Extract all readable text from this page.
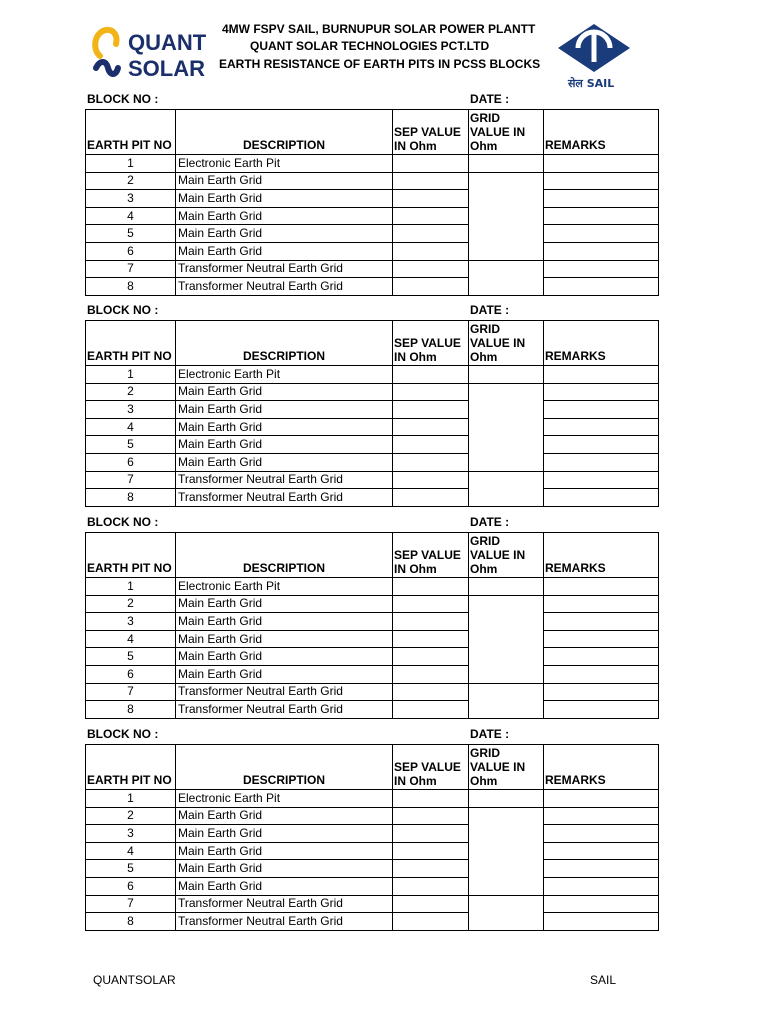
QUANT
SOLAR
4MW FSPV SAIL, BURNUPUR SOLAR POWER PLANTT
QUANT SOLAR TECHNOLOGIES PCT.LTD
EARTH RESISTANCE OF EARTH PITS IN PCSS BLOCKS
सेल SAIL
BLOCK NO :	DATE :
EARTH PIT NO	DESCRIPTION	SEP VALUE IN Ohm	GRID VALUE IN Ohm	REMARKS
1	Electronic Earth Pit			
2	Main Earth Grid			
3	Main Earth Grid			
4	Main Earth Grid			
5	Main Earth Grid			
6	Main Earth Grid			
7	Transformer Neutral Earth Grid			
8	Transformer Neutral Earth Grid			
BLOCK NO :	DATE :
EARTH PIT NO	DESCRIPTION	SEP VALUE IN Ohm	GRID VALUE IN Ohm	REMARKS
1	Electronic Earth Pit			
2	Main Earth Grid			
3	Main Earth Grid			
4	Main Earth Grid			
5	Main Earth Grid			
6	Main Earth Grid			
7	Transformer Neutral Earth Grid			
8	Transformer Neutral Earth Grid			
BLOCK NO :	DATE :
EARTH PIT NO	DESCRIPTION	SEP VALUE IN Ohm	GRID VALUE IN Ohm	REMARKS
1	Electronic Earth Pit			
2	Main Earth Grid			
3	Main Earth Grid			
4	Main Earth Grid			
5	Main Earth Grid			
6	Main Earth Grid			
7	Transformer Neutral Earth Grid			
8	Transformer Neutral Earth Grid			
BLOCK NO :	DATE :
EARTH PIT NO	DESCRIPTION	SEP VALUE IN Ohm	GRID VALUE IN Ohm	REMARKS
1	Electronic Earth Pit			
2	Main Earth Grid			
3	Main Earth Grid			
4	Main Earth Grid			
5	Main Earth Grid			
6	Main Earth Grid			
7	Transformer Neutral Earth Grid			
8	Transformer Neutral Earth Grid			
QUANTSOLAR	SAIL
